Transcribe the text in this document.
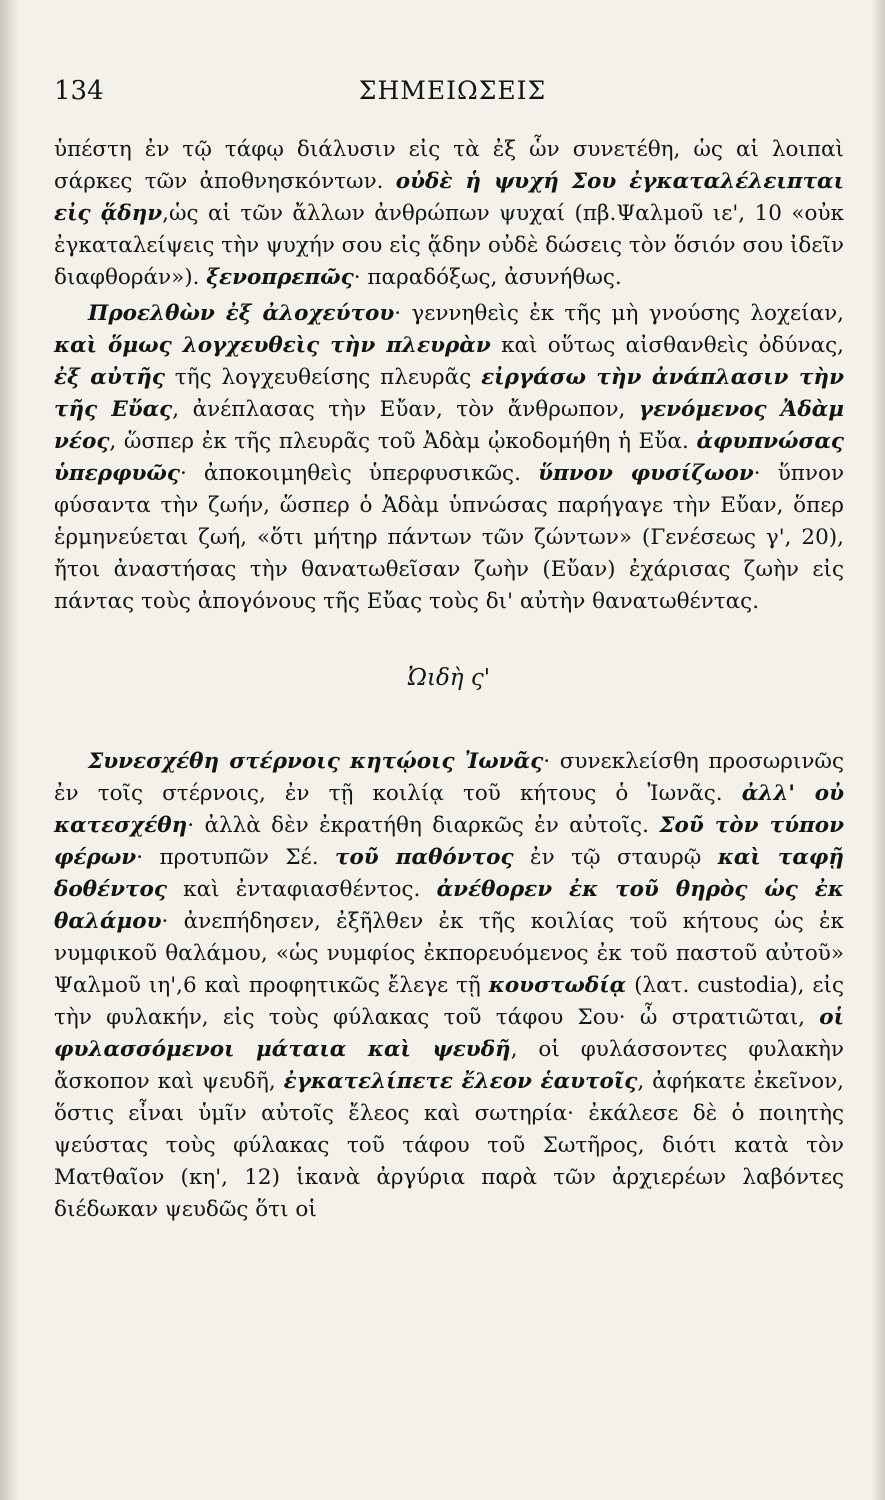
134	ΣΗΜΕΙΩΣΕΙΣ

ὑπέστη ἐν τῷ τάφῳ διάλυσιν εἰς τὰ ἐξ ὧν συνετέθη, ὡς αἱ λοιπαὶ σάρκες τῶν ἀποθνησκόντων. οὐδὲ ἡ ψυχή Σου ἐγκαταλέλειπται εἰς ᾅδην,ὡς αἱ τῶν ἄλλων ἀνθρώπων ψυχαί (πβ.Ψαλμοῦ ιε', 10 «οὐκ ἐγκαταλείψεις τὴν ψυχήν σου εἰς ᾅδην οὐδὲ δώσεις τὸν ὅσιόν σου ἰδεῖν διαφθοράν»). ξενοπρεπῶς· παραδόξως, ἀσυνήθως.

Προελθὼν ἐξ ἀλοχεύτου· γεννηθεὶς ἐκ τῆς μὴ γνούσης λοχείαν, καὶ ὅμως λογχευθεὶς τὴν πλευρὰν καὶ οὕτως αἰσθανθεὶς ὀδύνας, ἐξ αὐτῆς τῆς λογχευθείσης πλευρᾶς εἰργάσω τὴν ἀνάπλασιν τὴν τῆς Εὔας, ἀνέπλασας τὴν Εὔαν, τὸν ἄνθρωπον, γενόμενος Ἀδὰμ νέος, ὥσπερ ἐκ τῆς πλευρᾶς τοῦ Ἀδὰμ ᾠκοδομήθη ἡ Εὔα. ἀφυπνώσας ὑπερφυῶς· ἀποκοιμηθεὶς ὑπερφυσικῶς. ὕπνον φυσίζωον· ὕπνον φύσαντα τὴν ζωήν, ὥσπερ ὁ Ἀδὰμ ὑπνώσας παρήγαγε τὴν Εὔαν, ὅπερ ἑρμηνεύεται ζωή, «ὅτι μήτηρ πάντων τῶν ζώντων» (Γενέσεως γ', 20), ἤτοι ἀναστήσας τὴν θανατωθεῖσαν ζωὴν (Εὔαν) ἐχάρισας ζωὴν εἰς πάντας τοὺς ἀπογόνους τῆς Εὔας τοὺς δι' αὐτὴν θανατωθέντας.

Ὠιδὴ ς'

Συνεσχέθη στέρνοις κητῴοις Ἰωνᾶς· συνεκλείσθη προσωρινῶς ἐν τοῖς στέρνοις, ἐν τῇ κοιλίᾳ τοῦ κήτους ὁ Ἰωνᾶς. ἀλλ' οὐ κατεσχέθη· ἀλλὰ δὲν ἐκρατήθη διαρκῶς ἐν αὐτοῖς. Σοῦ τὸν τύπον φέρων· προτυπῶν Σέ. τοῦ παθόντος ἐν τῷ σταυρῷ καὶ ταφῇ δοθέντος καὶ ἐνταφιασθέντος. ἀνέθορεν ἐκ τοῦ θηρὸς ὡς ἐκ θαλάμου· ἀνεπήδησεν, ἐξῆλθεν ἐκ τῆς κοιλίας τοῦ κήτους ὡς ἐκ νυμφικοῦ θαλάμου, «ὡς νυμφίος ἐκπορευόμενος ἐκ τοῦ παστοῦ αὐτοῦ» Ψαλμοῦ ιη',6 καὶ προφητικῶς ἔλεγε τῇ κουστωδίᾳ (λατ. custodia), εἰς τὴν φυλακήν, εἰς τοὺς φύλακας τοῦ τάφου Σου· ὦ στρατιῶται, οἱ φυλασσόμενοι μάταια καὶ ψευδῆ, οἱ φυλάσσοντες φυλακὴν ἄσκοπον καὶ ψευδῆ, ἐγκατελίπετε ἔλεον ἑαυτοῖς, ἀφήκατε ἐκεῖνον, ὅστις εἶναι ὑμῖν αὐτοῖς ἔλεος καὶ σωτηρία· ἐκάλεσε δὲ ὁ ποιητὴς ψεύστας τοὺς φύλακας τοῦ τάφου τοῦ Σωτῆρος, διότι κατὰ τὸν Ματθαῖον (κη', 12) ἱκανὰ ἀργύρια παρὰ τῶν ἀρχιερέων λαβόντες διέδωκαν ψευδῶς ὅτι οἱ
